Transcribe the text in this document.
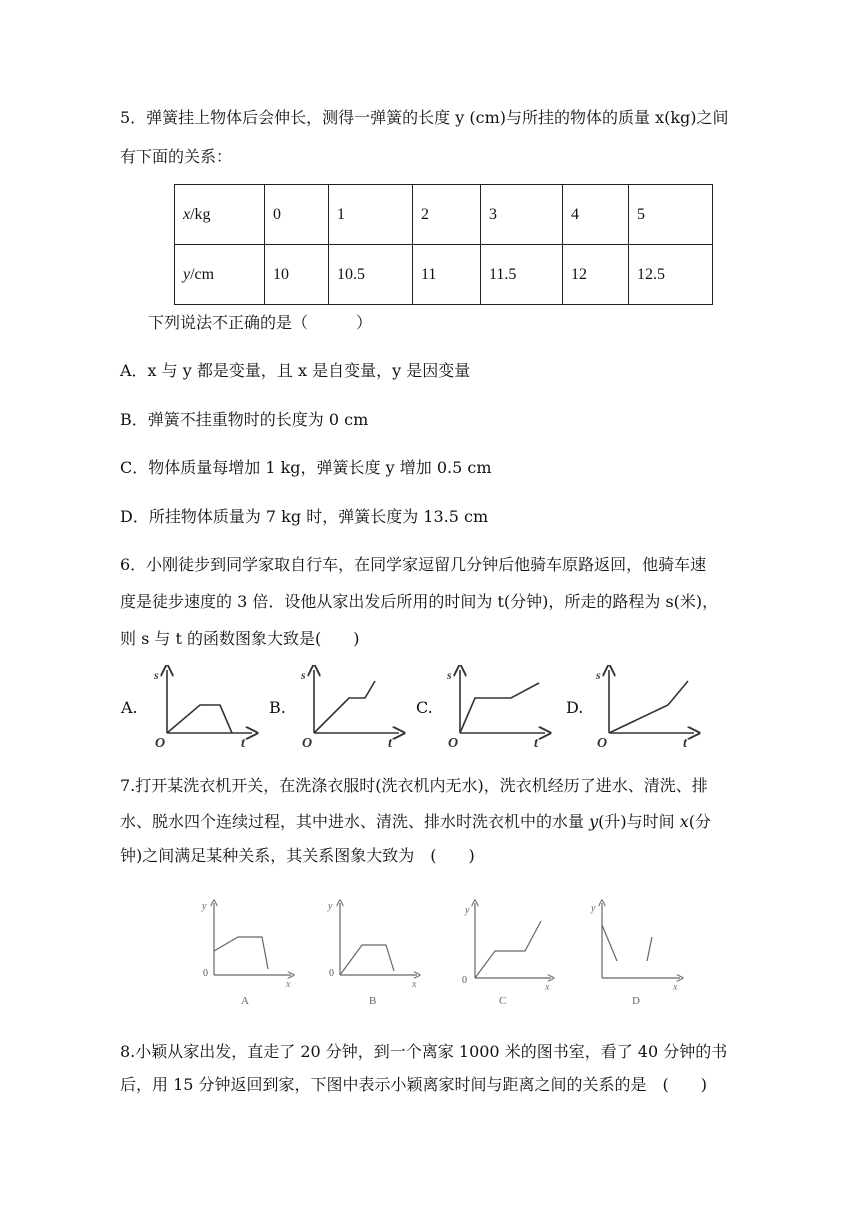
5．弹簧挂上物体后会伸长，测得一弹簧的长度 y (cm)与所挂的物体的质量 x(kg)之间
有下面的关系：
x/kg	0	1	2	3	4	5
y/cm	10	10.5	11	11.5	12	12.5
下列说法不正确的是（　　　）
A．x 与 y 都是变量，且 x 是自变量，y 是因变量
B．弹簧不挂重物时的长度为 0 cm
C．物体质量每增加 1 kg，弹簧长度 y 增加 0.5 cm
D．所挂物体质量为 7 kg 时，弹簧长度为 13.5 cm
6．小刚徒步到同学家取自行车，在同学家逗留几分钟后他骑车原路返回，他骑车速
度是徒步速度的 3 倍．设他从家出发后所用的时间为 t(分钟)，所走的路程为 s(米)，
则 s 与 t 的函数图象大致是(　　)
A.	B.	C.	D.
s
O	t
s
O	t
s
O	t
s
O	t
7.打开某洗衣机开关，在洗涤衣服时(洗衣机内无水)，洗衣机经历了进水、清洗、排
水、脱水四个连续过程，其中进水、清洗、排水时洗衣机中的水量 y(升)与时间 x(分
钟)之间满足某种关系，其关系图象大致为　(　　)
y
0
x
A
y
0
x
B
y
0
x
C
y
x
D
8.小颖从家出发，直走了 20 分钟，到一个离家 1000 米的图书室，看了 40 分钟的书
后，用 15 分钟返回到家，下图中表示小颖离家时间与距离之间的关系的是　(　　)
